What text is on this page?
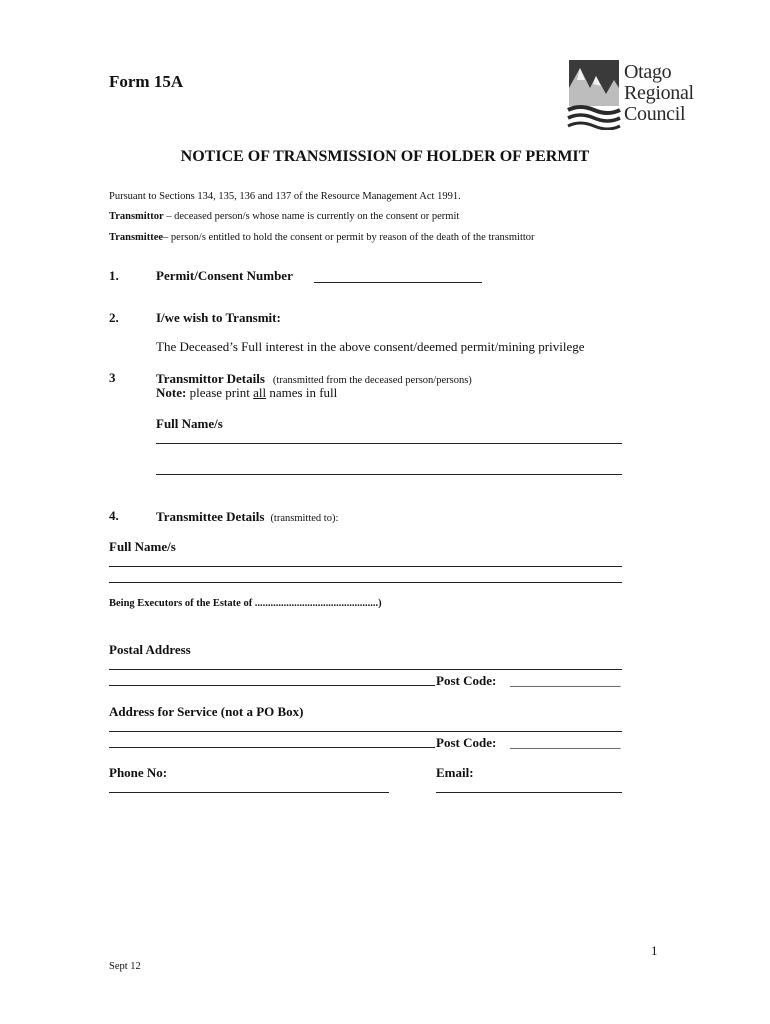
Form 15A	Otago
Regional
Council
NOTICE OF TRANSMISSION OF HOLDER OF PERMIT
Pursuant to Sections 134, 135, 136 and 137 of the Resource Management Act 1991.
Transmittor – deceased person/s whose name is currently on the consent or permit
Transmittee– person/s entitled to hold the consent or permit by reason of the death of the transmittor
1.	Permit/Consent Number
2.	I/we wish to Transmit:
The Deceased’s Full interest in the above consent/deemed permit/mining privilege
3	Transmittor Details (transmitted from the deceased person/persons)
Note: please print all names in full
Full Name/s
4.	Transmittee Details (transmitted to):
Full Name/s
Being Executors of the Estate of ...............................................)
Postal Address
Post Code: _________________
Address for Service (not a PO Box)
Post Code: _________________
Phone No:	Email:
1
Sept 12
